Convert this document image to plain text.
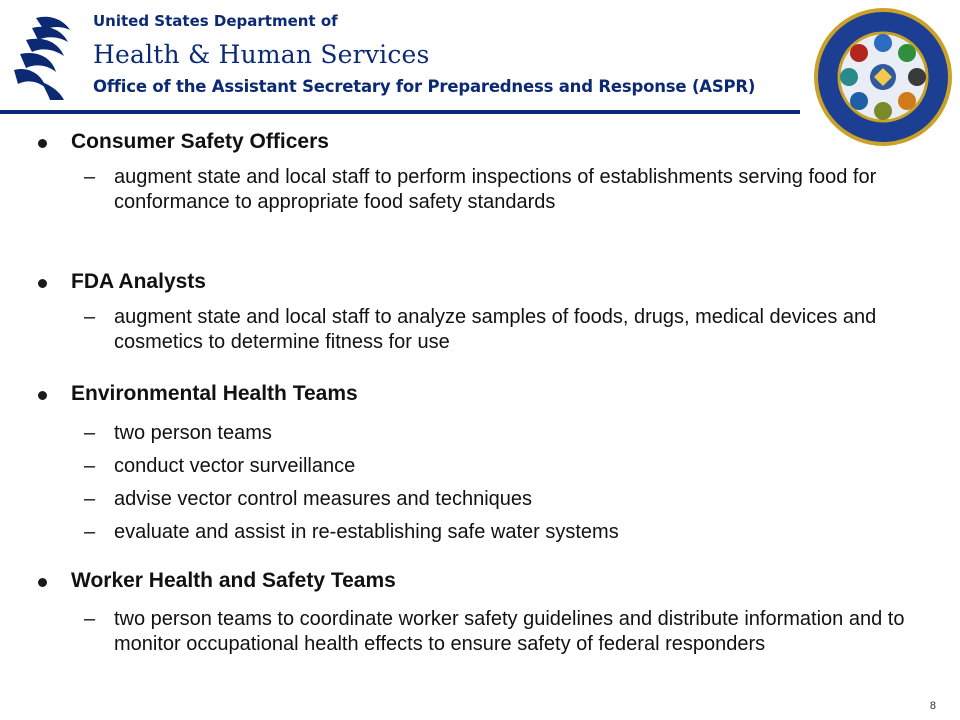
United States Department of
Health & Human Services
Office of the Assistant Secretary for Preparedness and Response (ASPR)
Consumer Safety Officers
– augment state and local staff to perform inspections of establishments serving food for conformance to appropriate food safety standards
FDA Analysts
– augment state and local staff to analyze samples of foods, drugs, medical devices and cosmetics to determine fitness for use
Environmental Health Teams
– two person teams
– conduct vector surveillance
– advise vector control measures and techniques
– evaluate and assist in re-establishing safe water systems
Worker Health and Safety Teams
– two person teams to coordinate worker safety guidelines and distribute information and to monitor occupational health effects to ensure safety of federal responders
8
